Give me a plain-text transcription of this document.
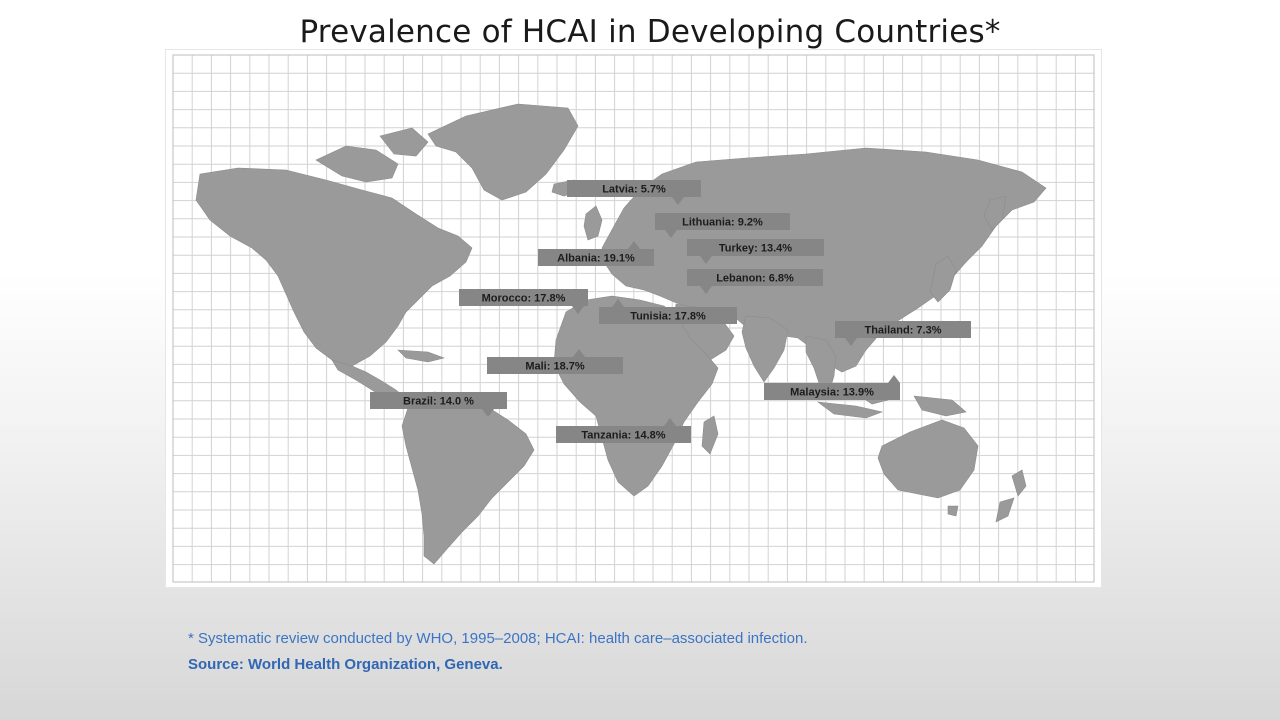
Prevalence of HCAI in Developing Countries*
Latvia: 5.7%
Lithuania: 9.2%
Turkey: 13.4%
Albania: 19.1%
Lebanon: 6.8%
Morocco: 17.8%
Tunisia: 17.8%
Thailand: 7.3%
Mali: 18.7%
Malaysia: 13.9%
Brazil: 14.0 %
Tanzania: 14.8%
* Systematic review conducted by WHO, 1995–2008; HCAI: health care–associated infection.
Source: World Health Organization, Geneva.
